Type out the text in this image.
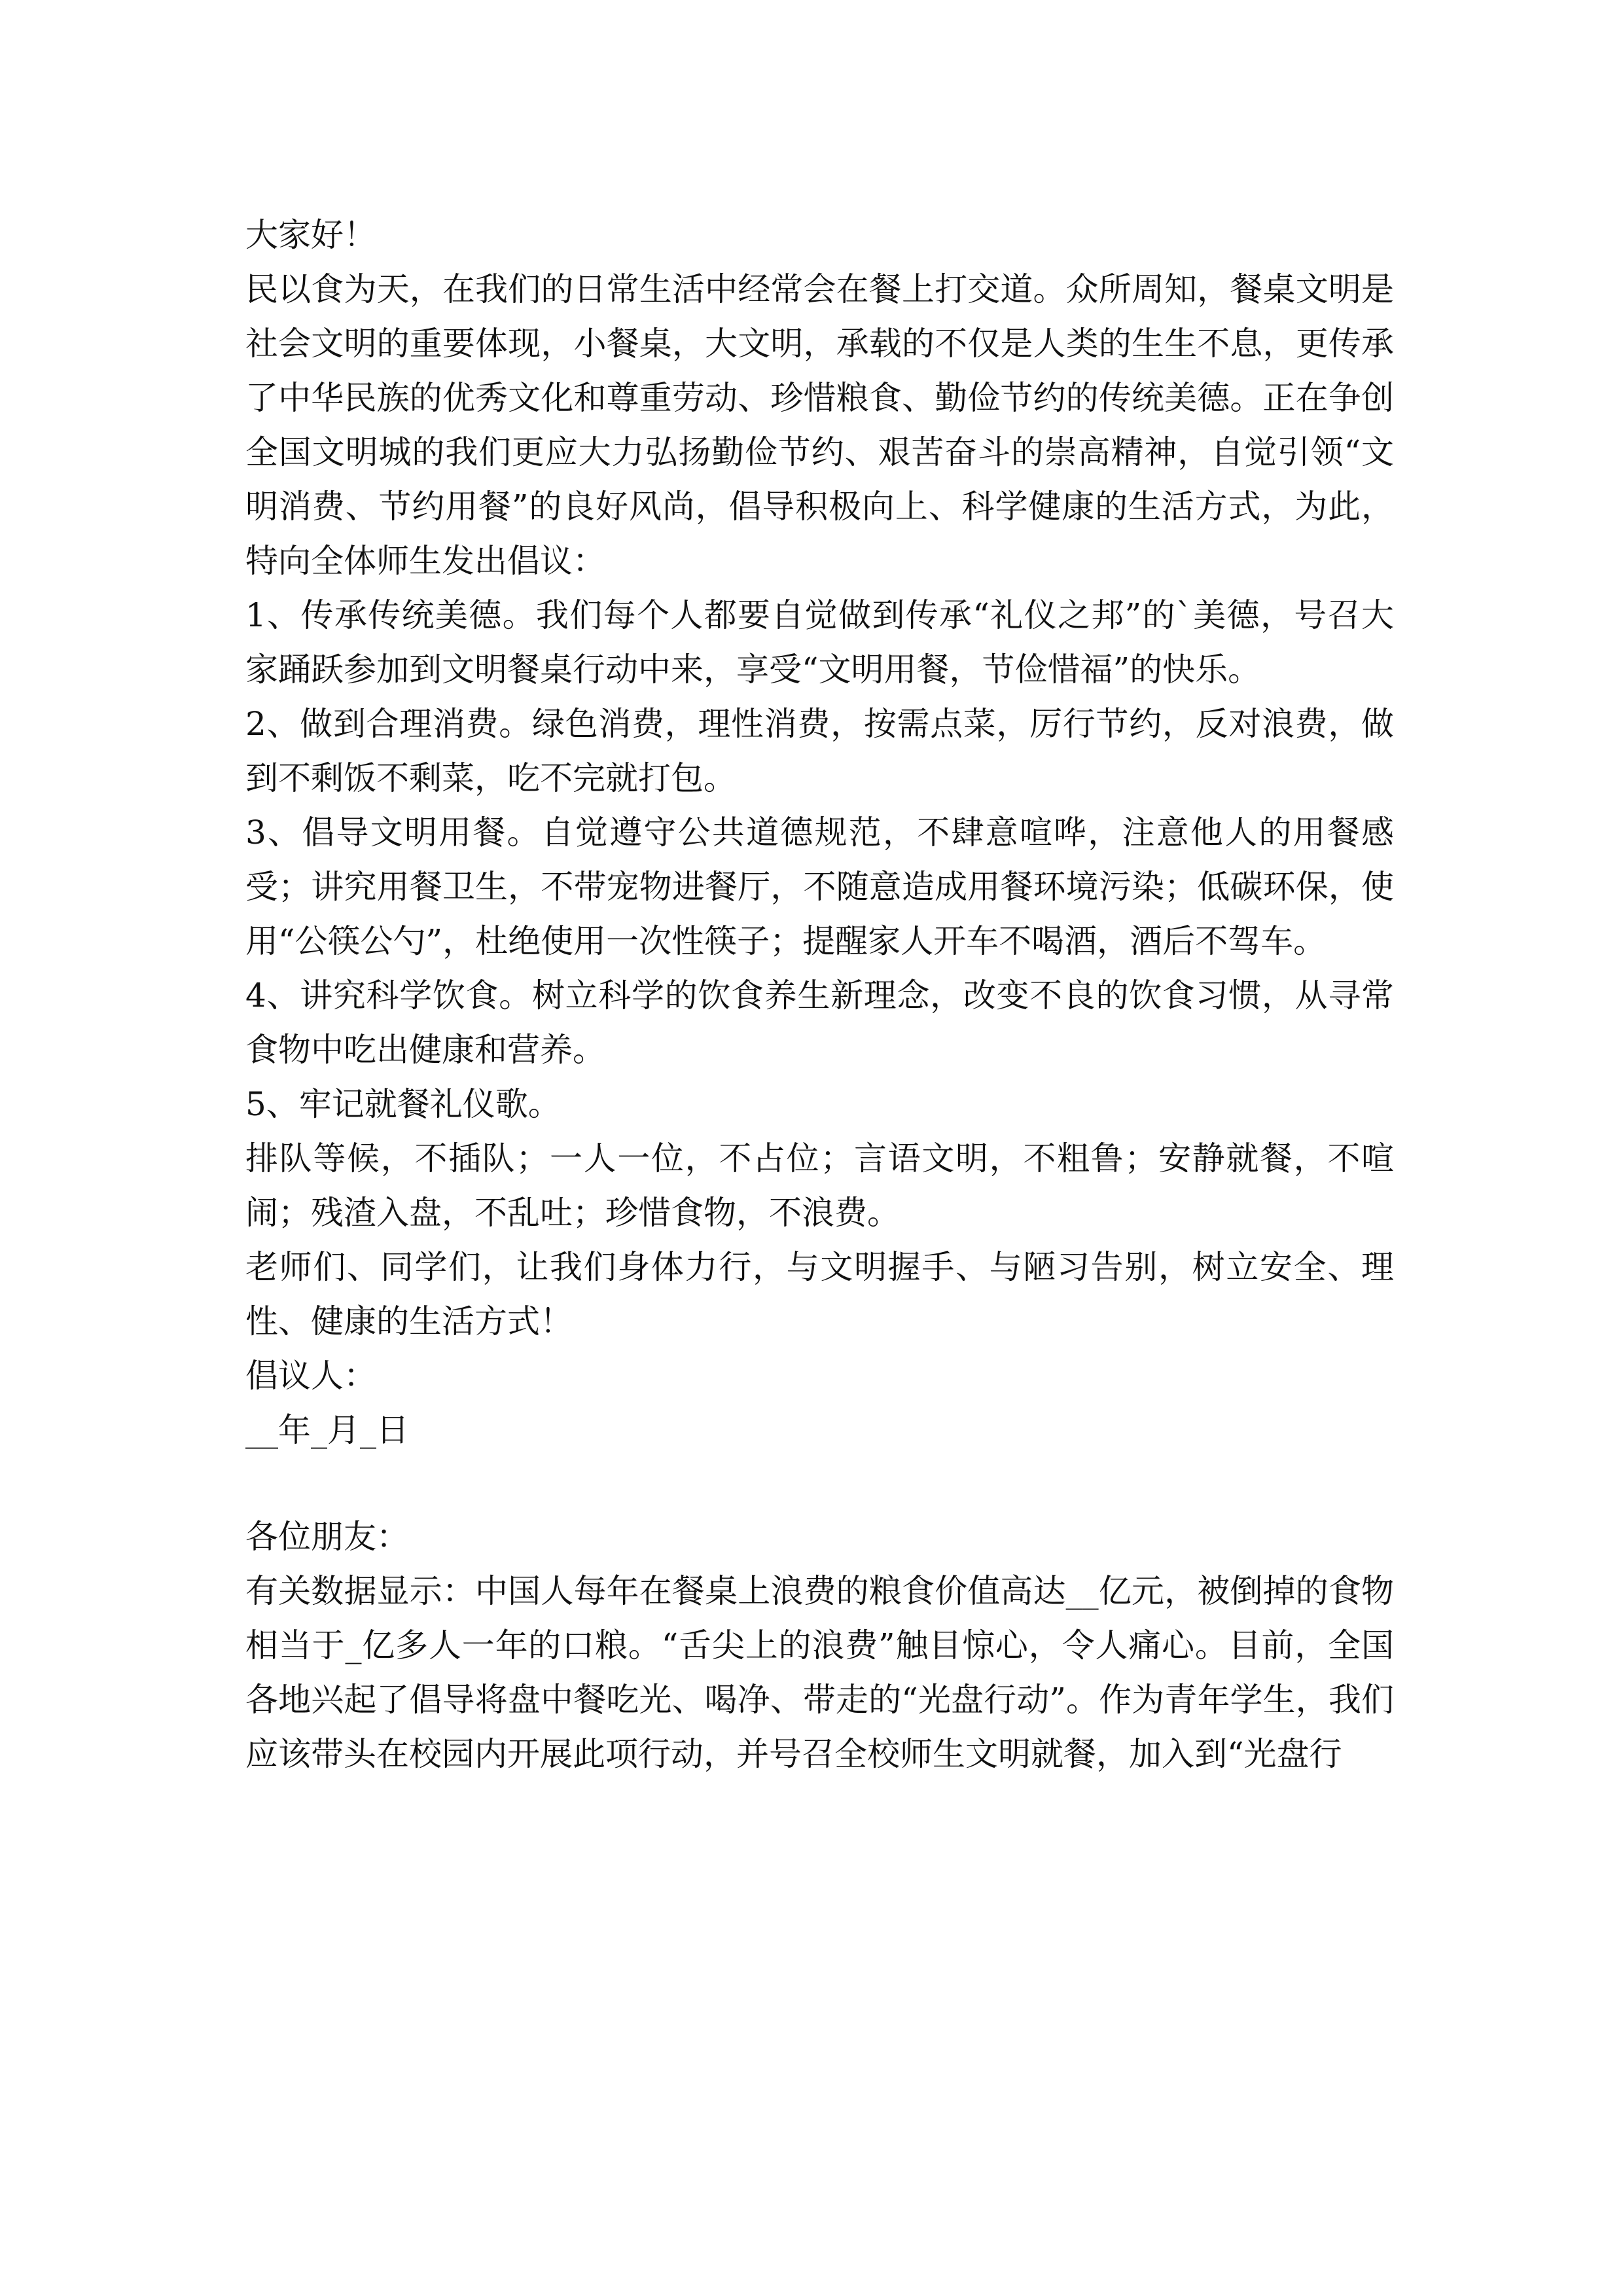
大家好！

民以食为天，在我们的日常生活中经常会在餐上打交道。众所周知，餐桌文明是社会文明的重要体现，小餐桌，大文明，承载的不仅是人类的生生不息，更传承了中华民族的优秀文化和尊重劳动、珍惜粮食、勤俭节约的传统美德。正在争创全国文明城的我们更应大力弘扬勤俭节约、艰苦奋斗的崇高精神，自觉引领“文明消费、节约用餐”的良好风尚，倡导积极向上、科学健康的生活方式，为此，特向全体师生发出倡议：

1、传承传统美德。我们每个人都要自觉做到传承“礼仪之邦”的`美德，号召大家踊跃参加到文明餐桌行动中来，享受“文明用餐，节俭惜福”的快乐。

2、做到合理消费。绿色消费，理性消费，按需点菜，厉行节约，反对浪费，做到不剩饭不剩菜，吃不完就打包。

3、倡导文明用餐。自觉遵守公共道德规范，不肆意喧哗，注意他人的用餐感受；讲究用餐卫生，不带宠物进餐厅，不随意造成用餐环境污染；低碳环保，使用“公筷公勺”，杜绝使用一次性筷子；提醒家人开车不喝酒，酒后不驾车。

4、讲究科学饮食。树立科学的饮食养生新理念，改变不良的饮食习惯，从寻常食物中吃出健康和营养。

5、牢记就餐礼仪歌。

排队等候，不插队；一人一位，不占位；言语文明，不粗鲁；安静就餐，不喧闹；残渣入盘，不乱吐；珍惜食物，不浪费。

老师们、同学们，让我们身体力行，与文明握手、与陋习告别，树立安全、理性、健康的生活方式！

倡议人：

__年_月_日

各位朋友：

有关数据显示：中国人每年在餐桌上浪费的粮食价值高达__亿元，被倒掉的食物相当于_亿多人一年的口粮。“舌尖上的浪费”触目惊心，令人痛心。目前，全国各地兴起了倡导将盘中餐吃光、喝净、带走的“光盘行动”。作为青年学生，我们应该带头在校园内开展此项行动，并号召全校师生文明就餐，加入到“光盘行
